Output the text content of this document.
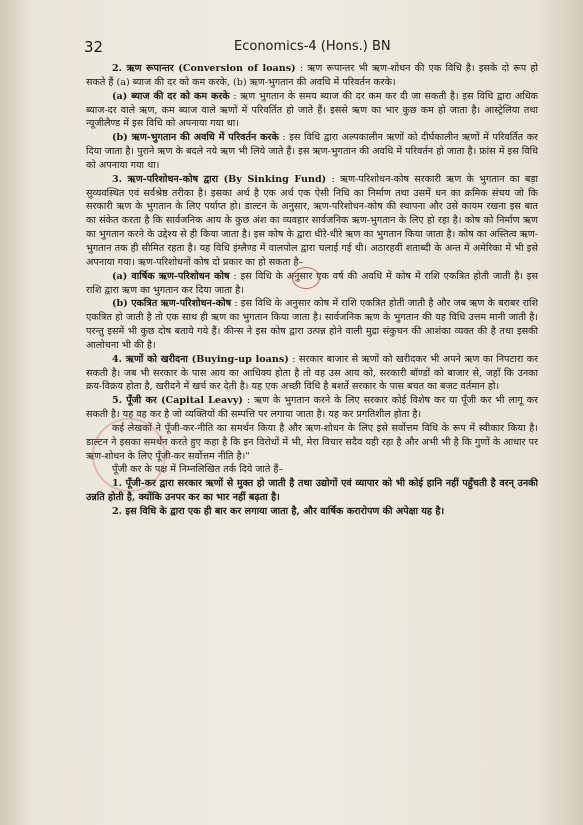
32	Economics-4 (Hons.) BN

2. ऋण रूपान्तर (Conversion of loans) : ऋण रूपान्तर भी ऋण-शोधन की एक विधि है। इसके दो रूप हो सकते हैं (a) ब्याज की दर को कम करके, (b) ऋण-भुगतान की अवधि में परिवर्तन करके।

(a) ब्याज की दर को कम करके : ऋण भुगतान के समय ब्याज की दर कम कर दी जा सकती है। इस विधि द्वारा अधिक ब्याज-दर वाले ऋण, कम ब्याज वाले ऋणों में परिवर्तित हो जाते हैं। इससे ऋण का भार कुछ कम हो जाता है। आस्ट्रेलिया तथा न्यूजीलैण्ड में इस विधि को अपनाया गया था।

(b) ऋण-भुगतान की अवधि में परिवर्तन करके : इस विधि द्वारा अल्पकालीन ऋणों को दीर्घकालीन ऋणों में परिवर्तित कर दिया जाता है। पुराने ऋण के बदले नये ऋण भी लिये जाते हैं। इस ऋण-भुगतान की अवधि में परिवर्तन हो जाता है। फ्रांस में इस विधि को अपनाया गया था।

3. ऋण-परिशोधन-कोष द्वारा (By Sinking Fund) : ऋण-परिशोधन-कोष सरकारी ऋण के भुगतान का बड़ा सुव्यवस्थित एवं सर्वश्रेष्ठ तरीका है। इसका अर्थ है एक अर्थ एक ऐसी निधि का निर्माण तथा उसमें धन का क्रमिक संचय जो कि सरकारी ऋण के भुगतान के लिए पर्याप्त हो। डाल्टन के अनुसार, ऋण-परिशोधन-कोष की स्थापना और उसे कायम रखना इस बात का संकेत करता है कि सार्वजनिक आय के कुछ अंश का व्यवहार सार्वजनिक ऋण-भुगतान के लिए हो रहा है। कोष को निर्माण ऋण का भुगतान करने के उद्देश्य से ही किया जाता है। इस कोष के द्वारा धीरे-धीरे ऋण का भुगतान किया जाता है। कोष का अस्तित्व ऋण-भुगतान तक ही सीमित रहता है। यह विधि इंग्लैण्ड में वालपोल द्वारा चलाई गई थी। अठारहवीं शताब्दी के अन्त में अमेरिका में भी इसे अपनाया गया। ऋण-परिशोधनों कोष दो प्रकार का हो सकता है–

(a) वार्षिक ऋण-परिशोधन कोष : इस विधि के अनुसार एक वर्ष की अवधि में कोष में राशि एकत्रित होती जाती है। इस राशि द्वारा ऋण का भुगतान कर दिया जाता है।

(b) एकत्रित ऋण-परिशोधन-कोष : इस विधि के अनुसार कोष में राशि एकत्रित होती जाती है और जब ऋण के बराबर राशि एकत्रित हो जाती है तो एक साथ ही ऋण का भुगतान किया जाता है। सार्वजनिक ऋण के भुगतान की यह विधि उत्तम मानी जाती है। परन्तु इसमें भी कुछ दोष बताये गये हैं। कीन्स ने इस कोष द्वारा उत्पन्न होने वाली मुद्रा संकुचन की आशंका व्यक्त की है तथा इसकी आलोचना भी की है।

4. ऋणों को खरीदना (Buying-up loans) : सरकार बाजार से ऋणों को खरीदकर भी अपने ऋण का निपटारा कर सकती है। जब भी सरकार के पास आय का आधिक्य होता है तो वह उस आय को, सरकारी बॉण्डों को बाजार से, जहाँ कि उनका क्रय-विक्रय होता है, खरीदने में खर्च कर देती है। यह एक अच्छी विधि है बशर्ते सरकार के पास बचत का बजट वर्तमान हो।

5. पूँजी कर (Capital Leavy) : ऋण के भुगतान करने के लिए सरकार कोई विशेष कर या पूँजी कर भी लागू कर सकती है। यह वह कर है जो व्यक्तियों की सम्पत्ति पर लगाया जाता है। यह कर प्रगतिशील होता है।

कई लेखकों ने पूँजी-कर-नीति का समर्थन किया है और ऋण-शोधन के लिए इसे सर्वोत्तम विधि के रूप में स्वीकार किया है। डाल्टन ने इसका समर्थन करते हुए कहा है कि इन विरोधों में भी, मेरा विचार सदैव यही रहा है और अभी भी है कि गुणों के आधार पर ऋण-शोधन के लिए पूँजी-कर सर्वोत्तम नीति है।"

पूँजी कर के पक्ष में निम्नलिखित तर्क दिये जाते हैं–

1. पूँजी-कर द्वारा सरकार ऋणों से मुक्त हो जाती है तथा उद्योगों एवं व्यापार को भी कोई हानि नहीं पहुँचती है वरन् उनकी उन्नति होती है, क्योंकि उनपर कर का भार नहीं बढ़ता है।

2. इस विधि के द्वारा एक ही बार कर लगाया जाता है, और वार्षिक करारोपण की अपेक्षा यह है।
